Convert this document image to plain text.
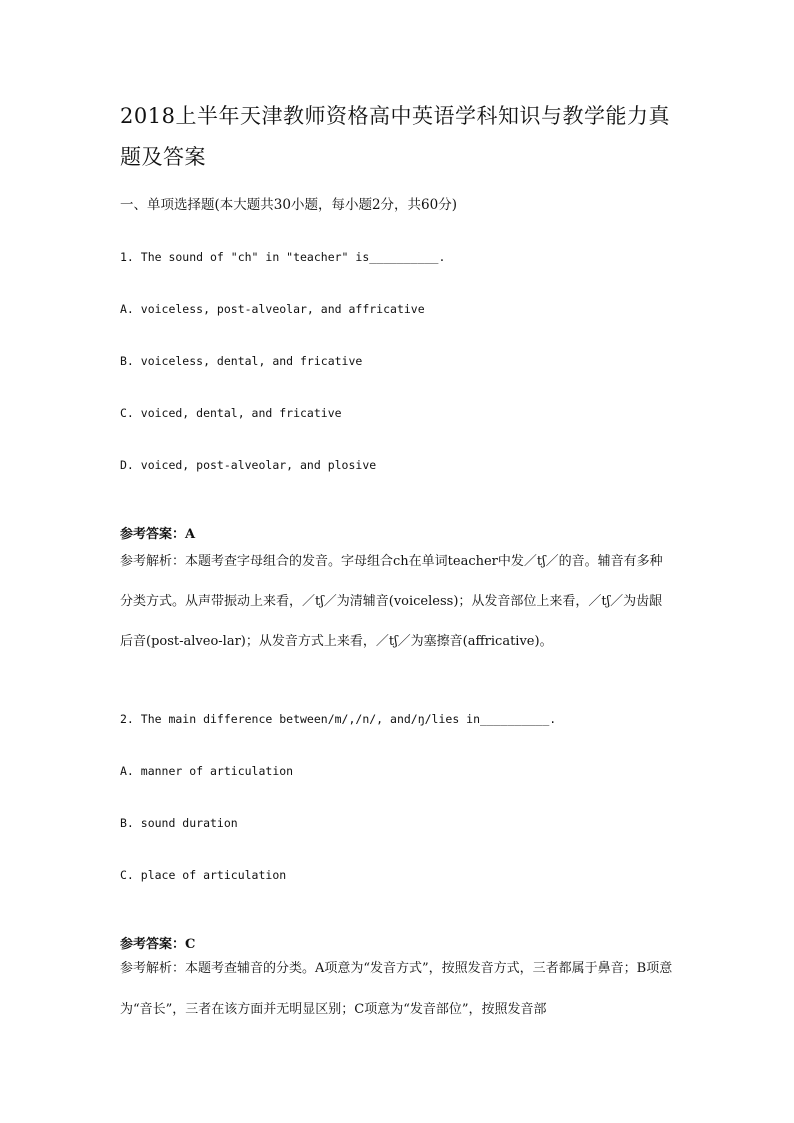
2018上半年天津教师资格高中英语学科知识与教学能力真题及答案

一、单项选择题(本大题共30小题，每小题2分，共60分)

1. The sound of "ch" in "teacher" is__________.

A. voiceless, post-alveolar, and affricative

B. voiceless, dental, and fricative

C. voiced, dental, and fricative

D. voiced, post-alveolar, and plosive

参考答案：A

参考解析：本题考查字母组合的发音。字母组合ch在单词teacher中发／tʃ／的音。辅音有多种分类方式。从声带振动上来看，／tʃ／为清辅音(voiceless)；从发音部位上来看，／tʃ／为齿龈后音(post-alveo-lar)；从发音方式上来看，／tʃ／为塞擦音(affricative)。

2. The main difference between/m/,/n/, and/ŋ/lies in__________.

A. manner of articulation

B. sound duration

C. place of articulation

参考答案：C

参考解析：本题考查辅音的分类。A项意为“发音方式”，按照发音方式，三者都属于鼻音；B项意为“音长”，三者在该方面并无明显区别；C项意为“发音部位”，按照发音部
